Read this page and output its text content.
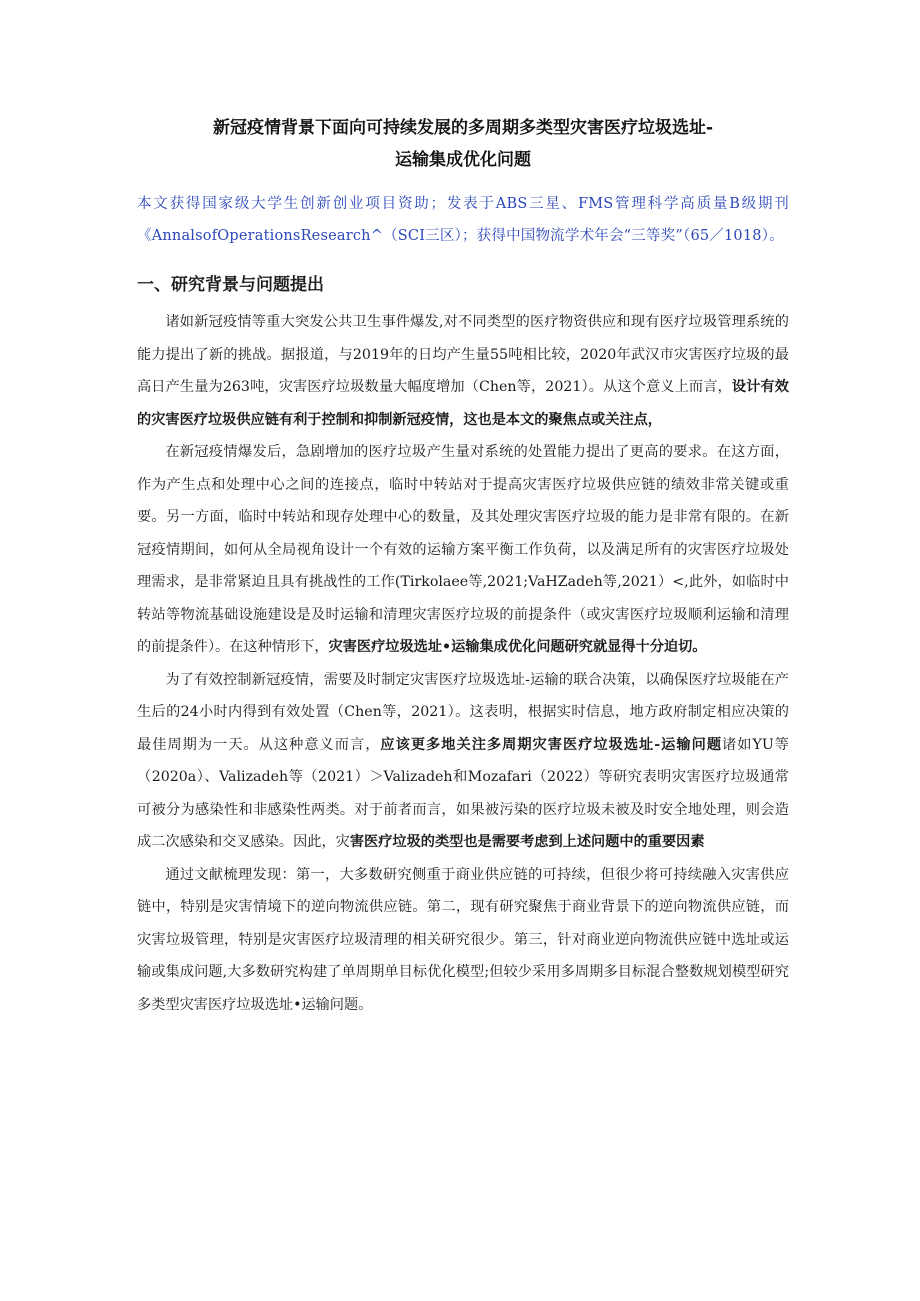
新冠疫情背景下面向可持续发展的多周期多类型灾害医疗垃圾选址-
运输集成优化问题
本文获得国家级大学生创新创业项目资助；发表于ABS三星、FMS管理科学高质量B级期刊《AnnalsofOperationsResearch^（SCI三区）；获得中国物流学术年会“三等奖”（65／1018）。
一、研究背景与问题提出

诸如新冠疫情等重大突发公共卫生事件爆发,对不同类型的医疗物资供应和现有医疗垃圾管理系统的能力提出了新的挑战。据报道，与2019年的日均产生量55吨相比较，2020年武汉市灾害医疗垃圾的最高日产生量为263吨，灾害医疗垃圾数量大幅度增加（Chen等，2021）。从这个意义上而言，设计有效的灾害医疗垃圾供应链有利于控制和抑制新冠疫情，这也是本文的聚焦点或关注点，

在新冠疫情爆发后，急剧增加的医疗垃圾产生量对系统的处置能力提出了更高的要求。在这方面，作为产生点和处理中心之间的连接点，临时中转站对于提高灾害医疗垃圾供应链的绩效非常关键或重要。另一方面，临时中转站和现存处理中心的数量，及其处理灾害医疗垃圾的能力是非常有限的。在新冠疫情期间，如何从全局视角设计一个有效的运输方案平衡工作负荷，以及满足所有的灾害医疗垃圾处理需求，是非常紧迫且具有挑战性的工作(Tirkolaee等,2021;VaHZadeh等,2021）<,此外，如临时中转站等物流基础设施建设是及时运输和清理灾害医疗垃圾的前提条件（或灾害医疗垃圾顺利运输和清理的前提条件）。在这种情形下，灾害医疗垃圾选址•运输集成优化问题研究就显得十分迫切。

为了有效控制新冠疫情，需要及时制定灾害医疗垃圾选址-运输的联合决策，以确保医疗垃圾能在产生后的24小时内得到有效处置（Chen等，2021）。这表明，根据实时信息，地方政府制定相应决策的最佳周期为一天。从这种意义而言，应该更多地关注多周期灾害医疗垃圾选址-运输问题诸如YU等（2020a）、Valizadeh等（2021）＞Valizadeh和Mozafari（2022）等研究表明灾害医疗垃圾通常可被分为感染性和非感染性两类。对于前者而言，如果被污染的医疗垃圾未被及时安全地处理，则会造成二次感染和交叉感染。因此，灾害医疗垃圾的类型也是需要考虑到上述问题中的重要因素

通过文献梳理发现：第一，大多数研究侧重于商业供应链的可持续，但很少将可持续融入灾害供应链中，特别是灾害情境下的逆向物流供应链。第二，现有研究聚焦于商业背景下的逆向物流供应链，而灾害垃圾管理，特别是灾害医疗垃圾清理的相关研究很少。第三，针对商业逆向物流供应链中选址或运输或集成问题,大多数研究构建了单周期单目标优化模型;但较少采用多周期多目标混合整数规划模型研究多类型灾害医疗垃圾选址•运输问题。
